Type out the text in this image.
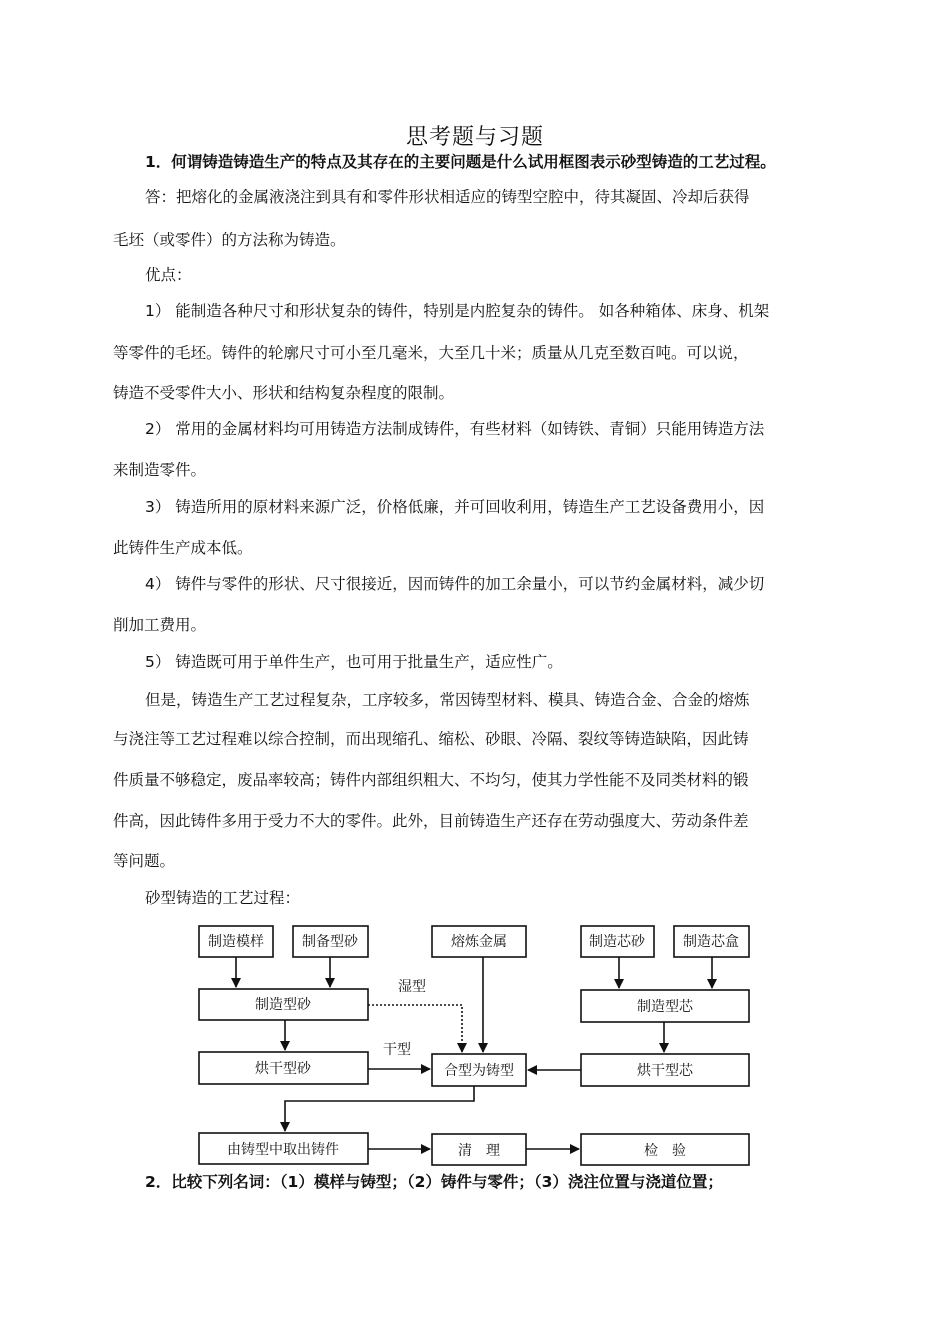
思考题与习题
1．何谓铸造铸造生产的特点及其存在的主要问题是什么试用框图表示砂型铸造的工艺过程。
答：把熔化的金属液浇注到具有和零件形状相适应的铸型空腔中，待其凝固、冷却后获得
毛坯（或零件）的方法称为铸造。
优点：
1） 能制造各种尺寸和形状复杂的铸件，特别是内腔复杂的铸件。 如各种箱体、床身、机架
等零件的毛坯。铸件的轮廓尺寸可小至几毫米，大至几十米；质量从几克至数百吨。可以说，
铸造不受零件大小、形状和结构复杂程度的限制。
2） 常用的金属材料均可用铸造方法制成铸件，有些材料（如铸铁、青铜）只能用铸造方法
来制造零件。
3） 铸造所用的原材料来源广泛，价格低廉，并可回收利用，铸造生产工艺设备费用小，因
此铸件生产成本低。
4） 铸件与零件的形状、尺寸很接近，因而铸件的加工余量小，可以节约金属材料，减少切
削加工费用。
5） 铸造既可用于单件生产，也可用于批量生产，适应性广。
但是，铸造生产工艺过程复杂，工序较多，常因铸型材料、模具、铸造合金、合金的熔炼
与浇注等工艺过程难以综合控制，而出现缩孔、缩松、砂眼、冷隔、裂纹等铸造缺陷，因此铸
件质量不够稳定，废品率较高；铸件内部组织粗大、不均匀，使其力学性能不及同类材料的锻
件高，因此铸件多用于受力不大的零件。此外，目前铸造生产还存在劳动强度大、劳动条件差
等问题。
砂型铸造的工艺过程：
制造模样	制备型砂	熔炼金属	制造芯砂	制造芯盒
制造型砂	制造型芯
湿型
干型
烘干型砂	合型为铸型	烘干型芯
由铸型中取出铸件	清　理	检　验
2．比较下列名词：（1）模样与铸型；（2）铸件与零件；（3）浇注位置与浇道位置；
